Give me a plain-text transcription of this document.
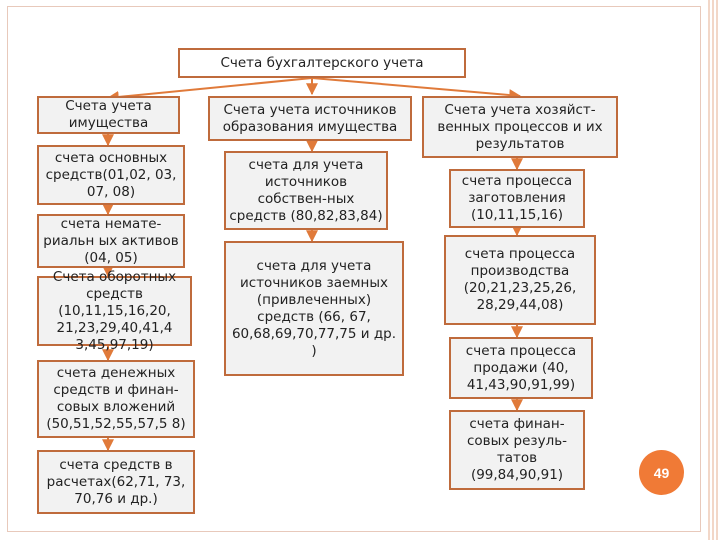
Счета бухгалтерского учета
Счета учета имущества
счета основных средств(01,02, 03, 07, 08)
счета немате-риальн ых активов (04, 05)
Счета оборотных средств (10,11,15,16,20, 21,23,29,40,41,4 3,45,97,19)
счета денежных средств и финан-совых вложений (50,51,52,55,57,5 8)
счета средств в расчетах(62,71, 73, 70,76 и др.)
Счета учета источников образования имущества
счета для учета источников собствен-ных средств (80,82,83,84)
счета для учета источников заемных (привлеченных) средств (66, 67, 60,68,69,70,77,75 и др. )
Счета учета хозяйст-венных процессов и их результатов
счета процесса заготовления (10,11,15,16)
счета процесса производства (20,21,23,25,26, 28,29,44,08)
счета процесса продажи (40, 41,43,90,91,99)
счета финан-совых резуль-татов (99,84,90,91)	49
